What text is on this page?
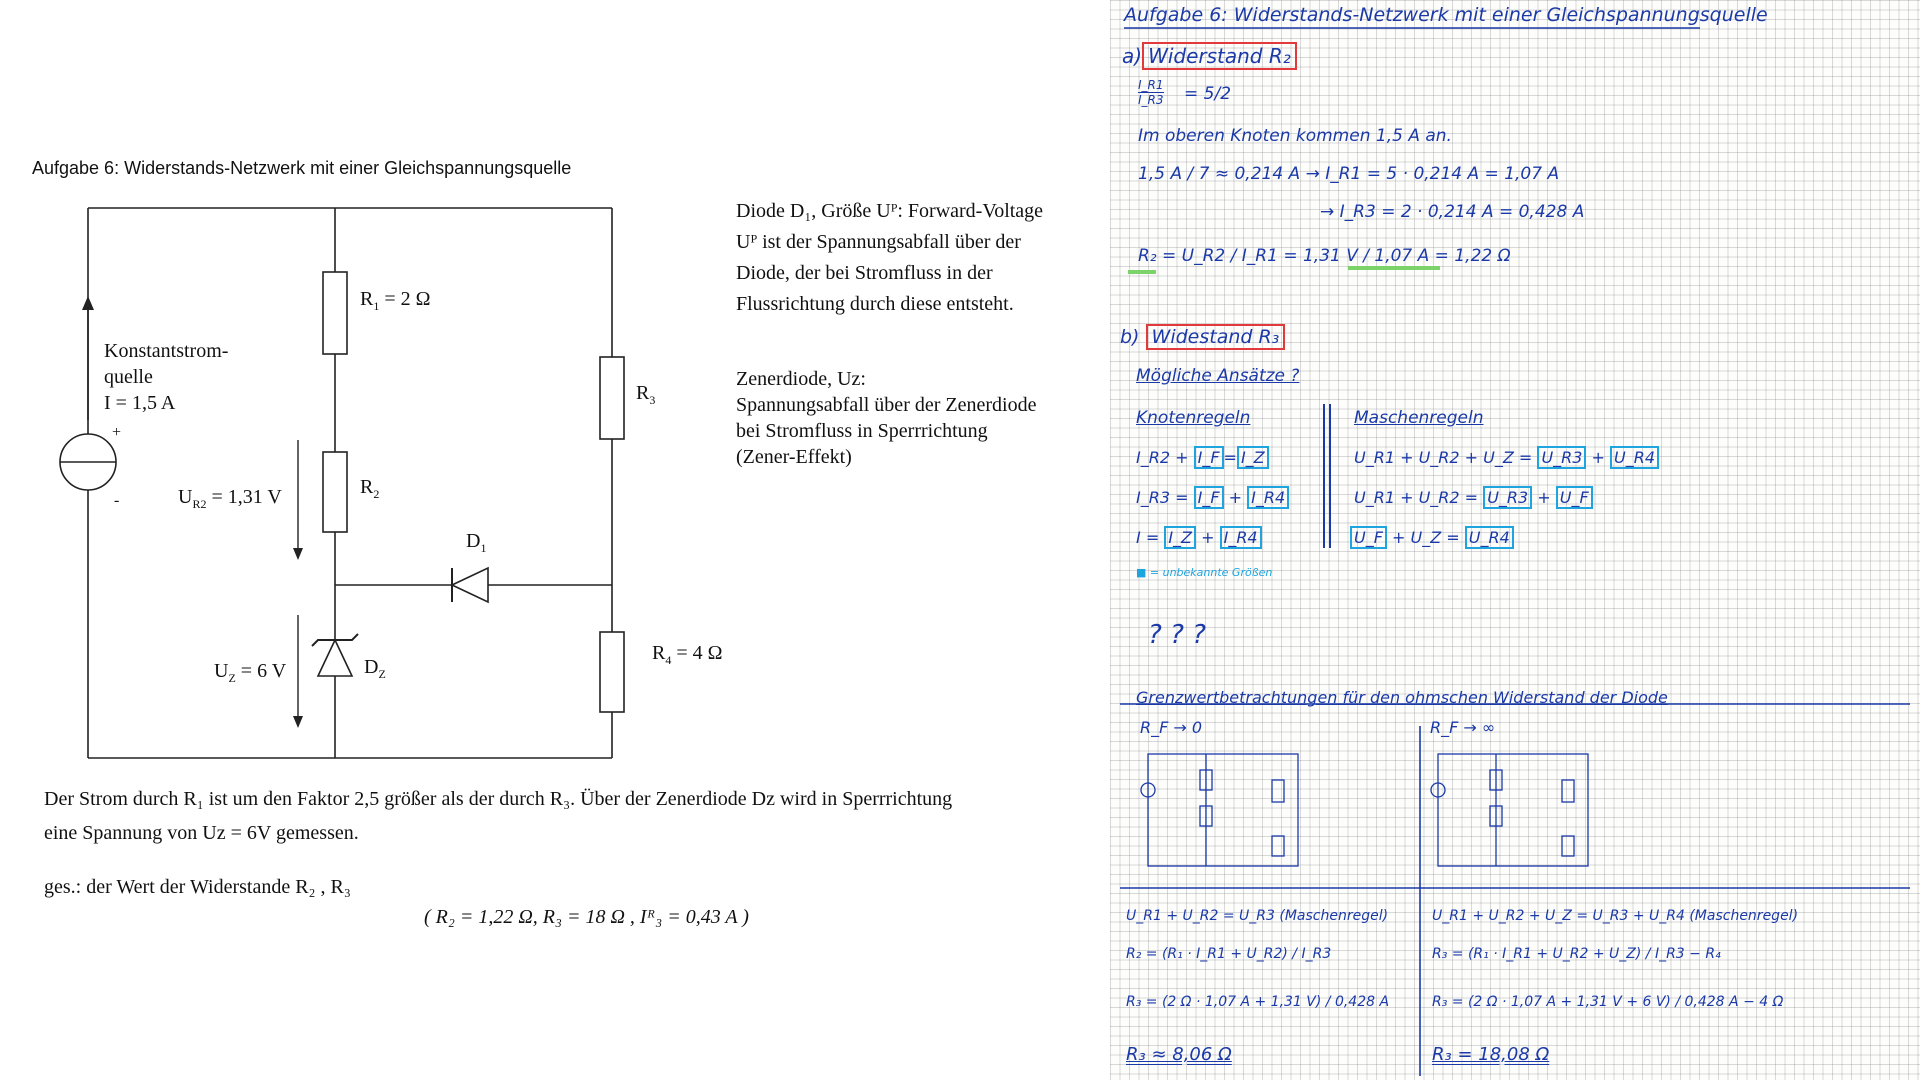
Aufgabe 6: Widerstands-Netzwerk mit einer Gleichspannungsquelle
Konstantstrom-
quelle
I = 1,5 A
+
-
$R_1 = 2$ Ω
$R_2$
$R_3$
$R_4 = 4$ Ω
$U_{R2} = 1,31$ V
$U_Z = 6$ V
$D_1$
$D_Z$
Diode D₁, Größe Uᴾ: Forward-Voltage
Uᴾ ist der Spannungsabfall über der
Diode, der bei Stromfluss in der
Flussrichtung durch diese entsteht.
Zenerdiode, Uᴢ:
Spannungsabfall über der Zenerdiode
bei Stromfluss in Sperrrichtung
(Zener-Effekt)
Der Strom durch R₁ ist um den Faktor 2,5 größer als der durch R₃. Über der Zenerdiode Dᴢ wird in Sperrrichtung
eine Spannung von Uᴢ = 6V gemessen.
ges.: der Wert der Widerstande R₂ , R₃
( R₂ = 1,22 Ω, R₃ = 18 Ω , Iᴿ₃ = 0,43 A )
Aufgabe 6: Widerstands-Netzwerk mit einer Gleichspannungsquelle
a) Widerstand R₂
I_R1
I_R3 = 5/2
Im oberen Knoten kommen 1,5 A an.
1,5 A / 7 ≈ 0,214 A → I_R1 = 5 · 0,214 A = 1,07 A
→ I_R3 = 2 · 0,214 A = 0,428 A
R₂ = U_R2 / I_R1 = 1,31 V / 1,07 A = 1,22 Ω
b) Widestand R₃
Mögliche Ansätze ?
Knotenregeln	Maschenregeln
I_R2 + I_F = I_Z
I_R3 = I_F + I_R4
I = I_Z + I_R4
U_R1 + U_R2 + U_Z = U_R3 + U_R4
U_R1 + U_R2 = U_R3 + U_F
U_F + U_Z = U_R4
■ = unbekannte Größen
? ? ?
Grenzwertbetrachtungen für den ohmschen Widerstand der Diode
R_F → 0	R_F → ∞
U_R1 + U_R2 = U_R3 (Maschenregel)
R₂ = (R₁ · I_R1 + U_R2) / I_R3
R₃ = (2 Ω · 1,07 A + 1,31 V) / 0,428 A
R₃ ≈ 8,06 Ω
U_R1 + U_R2 + U_Z = U_R3 + U_R4 (Maschenregel)
R₃ = (R₁ · I_R1 + U_R2 + U_Z) / I_R3 − R₄
R₃ = (2 Ω · 1,07 A + 1,31 V + 6 V) / 0,428 A − 4 Ω
R₃ = 18,08 Ω
